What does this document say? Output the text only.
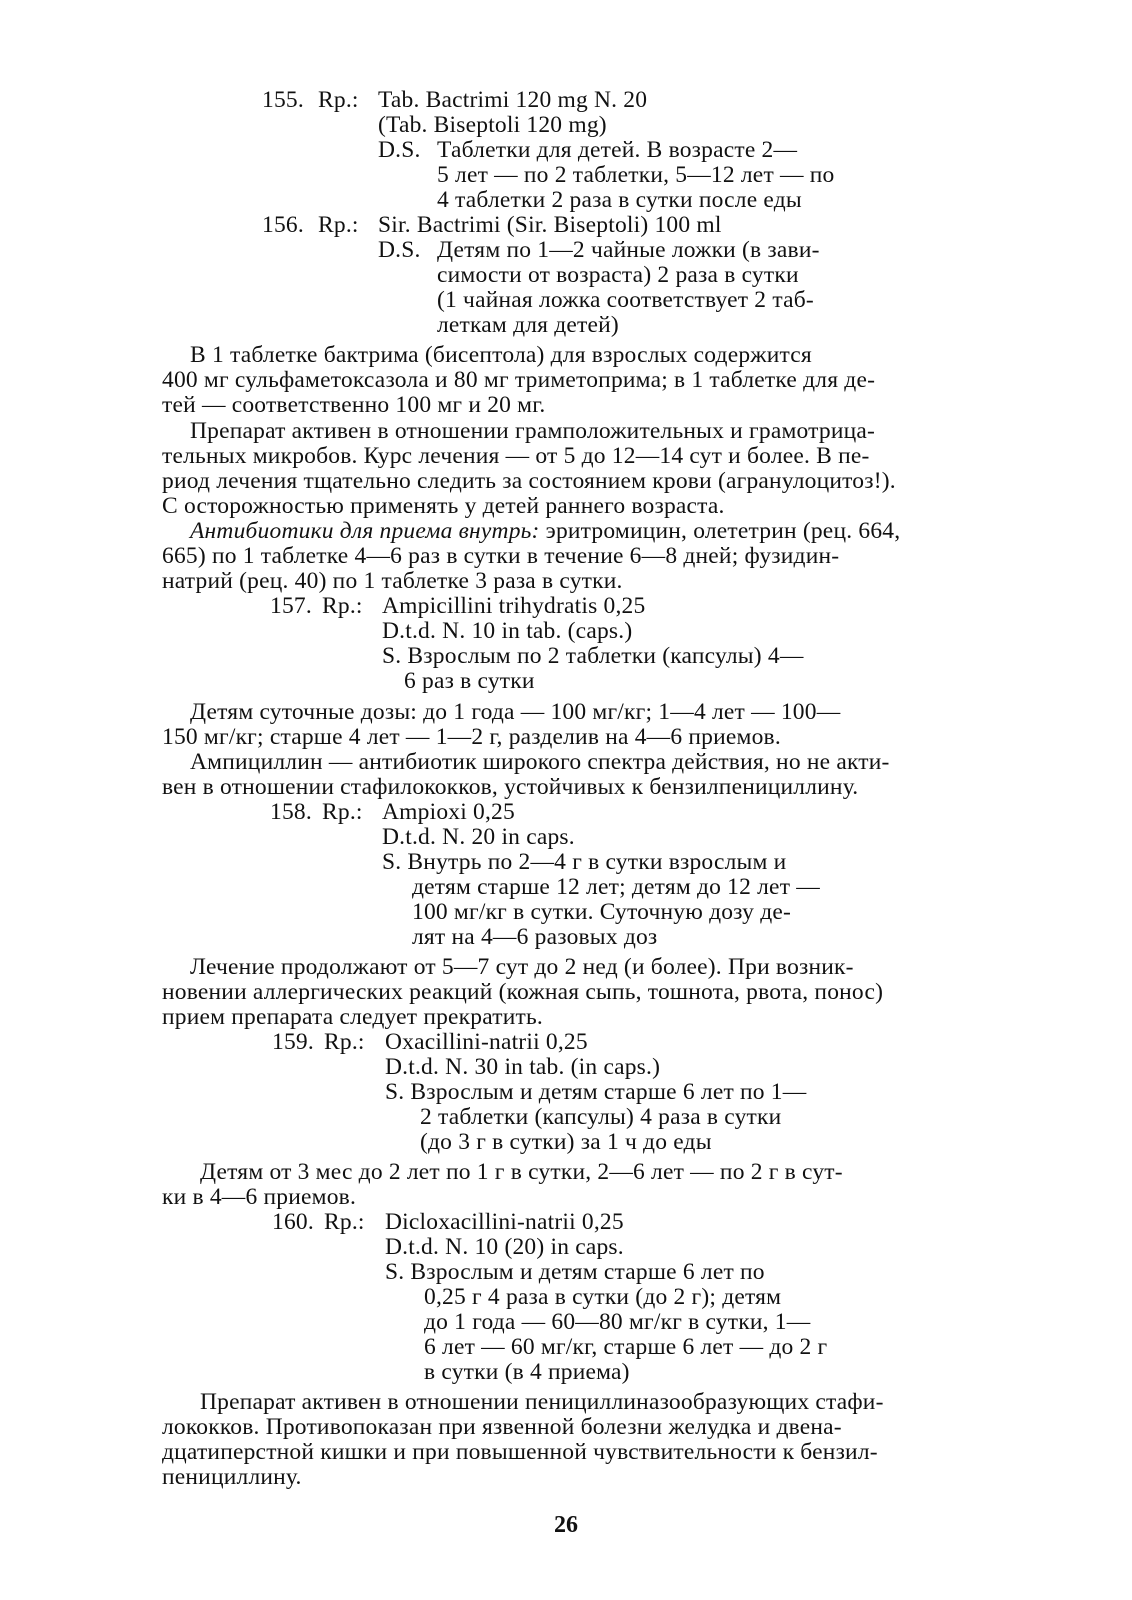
155. Rp.: Tab. Bactrimi 120 mg N. 20
(Tab. Biseptoli 120 mg)
D.S. Таблетки для детей. В возрасте 2—
5 лет — по 2 таблетки, 5—12 лет — по
4 таблетки 2 раза в сутки после еды
156. Rp.: Sir. Bactrimi (Sir. Biseptoli) 100 ml
D.S. Детям по 1—2 чайные ложки (в зави-
симости от возраста) 2 раза в сутки
(1 чайная ложка соответствует 2 таб-
леткам для детей)
В 1 таблетке бактрима (бисептола) для взрослых содержится
400 мг сульфаметоксазола и 80 мг триметоприма; в 1 таблетке для де-
тей — соответственно 100 мг и 20 мг.
Препарат активен в отношении грамположительных и грамотрица-
тельных микробов. Курс лечения — от 5 до 12—14 сут и более. В пе-
риод лечения тщательно следить за состоянием крови (агранулоцитоз!).
С осторожностью применять у детей раннего возраста.
Антибиотики для приема внутрь: эритромицин, олететрин (рец. 664,
665) по 1 таблетке 4—6 раз в сутки в течение 6—8 дней; фузидин-
натрий (рец. 40) по 1 таблетке 3 раза в сутки.
157. Rp.: Ampicillini trihydratis 0,25
D.t.d. N. 10 in tab. (caps.)
S. Взрослым по 2 таблетки (капсулы) 4—
6 раз в сутки
Детям суточные дозы: до 1 года — 100 мг/кг; 1—4 лет — 100—
150 мг/кг; старше 4 лет — 1—2 г, разделив на 4—6 приемов.
Ампициллин — антибиотик широкого спектра действия, но не акти-
вен в отношении стафилококков, устойчивых к бензилпенициллину.
158. Rp.: Ampioxi 0,25
D.t.d. N. 20 in caps.
S. Внутрь по 2—4 г в сутки взрослым и
детям старше 12 лет; детям до 12 лет —
100 мг/кг в сутки. Суточную дозу де-
лят на 4—6 разовых доз
Лечение продолжают от 5—7 сут до 2 нед (и более). При возник-
новении аллергических реакций (кожная сыпь, тошнота, рвота, понос)
прием препарата следует прекратить.
159. Rp.: Oxacillini-natrii 0,25
D.t.d. N. 30 in tab. (in caps.)
S. Взрослым и детям старше 6 лет по 1—
2 таблетки (капсулы) 4 раза в сутки
(до 3 г в сутки) за 1 ч до еды
Детям от 3 мес до 2 лет по 1 г в сутки, 2—6 лет — по 2 г в сут-
ки в 4—6 приемов.
160. Rp.: Dicloxacillini-natrii 0,25
D.t.d. N. 10 (20) in caps.
S. Взрослым и детям старше 6 лет по
0,25 г 4 раза в сутки (до 2 г); детям
до 1 года — 60—80 мг/кг в сутки, 1—
6 лет — 60 мг/кг, старше 6 лет — до 2 г
в сутки (в 4 приема)
Препарат активен в отношении пенициллиназообразующих стафи-
лококков. Противопоказан при язвенной болезни желудка и двена-
дцатиперстной кишки и при повышенной чувствительности к бензил-
пенициллину.
26
